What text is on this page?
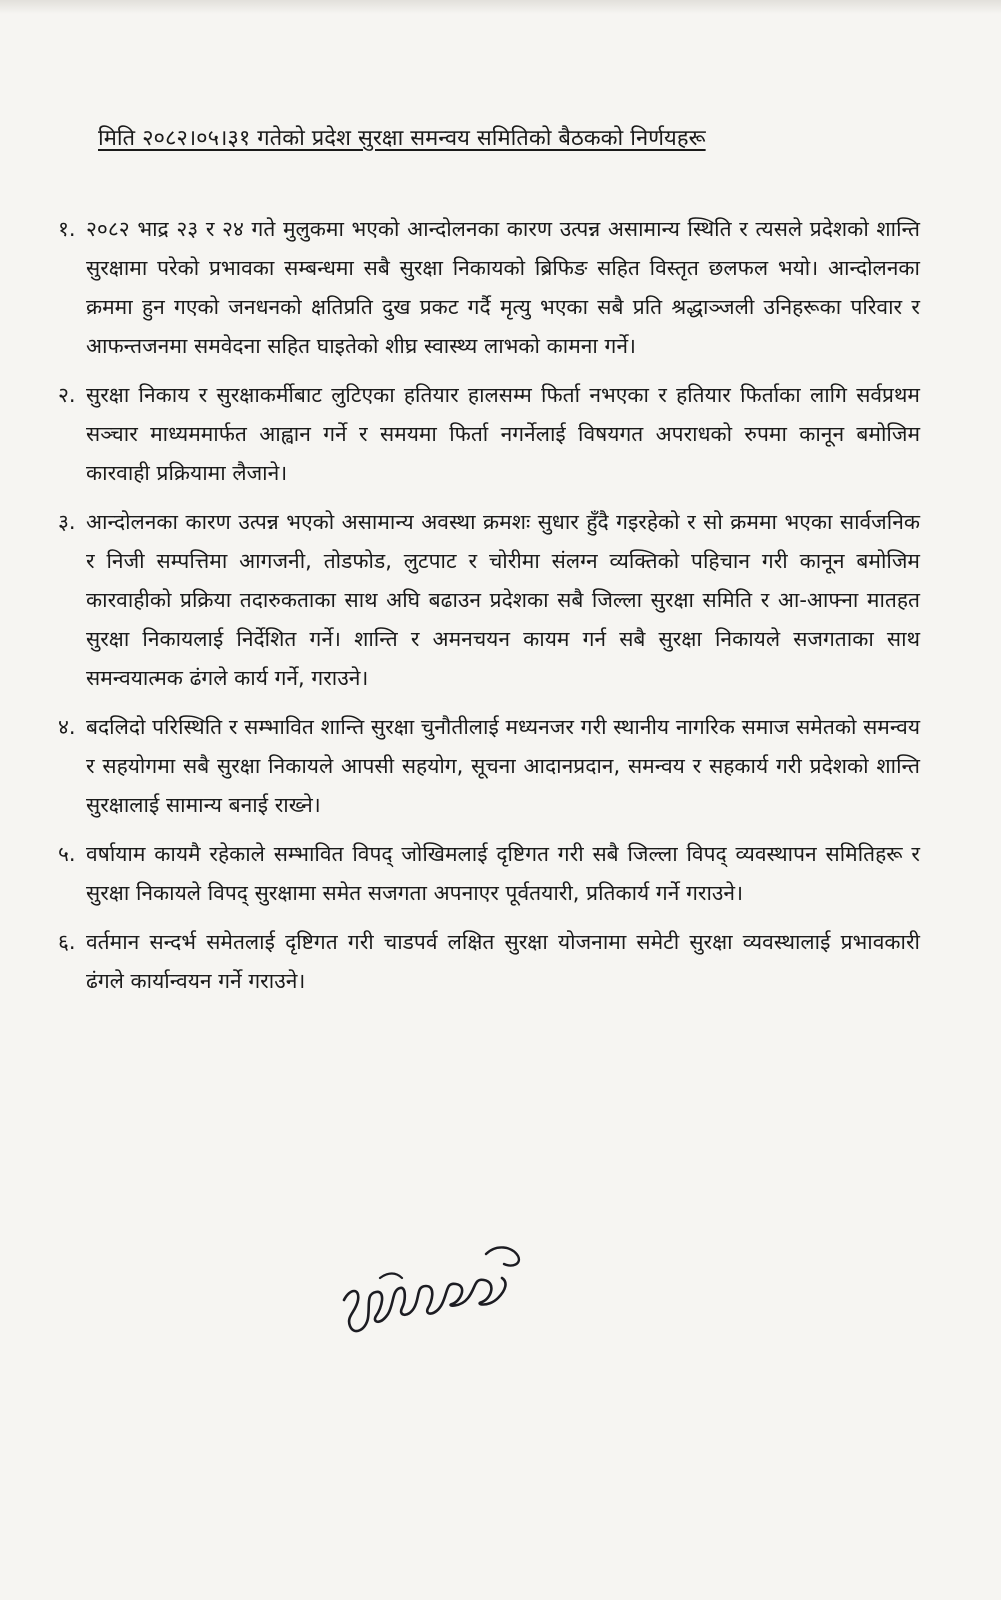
मिति २०८२।०५।३१ गतेको प्रदेश सुरक्षा समन्वय समितिको बैठकको निर्णयहरू
१. २०८२ भाद्र २३ र २४ गते मुलुकमा भएको आन्दोलनका कारण उत्पन्न असामान्य स्थिति र त्यसले प्रदेशको शान्ति सुरक्षामा परेको प्रभावका सम्बन्धमा सबै सुरक्षा निकायको ब्रिफिङ सहित विस्तृत छलफल भयो। आन्दोलनका क्रममा हुन गएको जनधनको क्षतिप्रति दुख प्रकट गर्दै मृत्यु भएका सबै प्रति श्रद्धाञ्जली उनिहरूका परिवार र आफन्तजनमा समवेदना सहित घाइतेको शीघ्र स्वास्थ्य लाभको कामना गर्ने।
२. सुरक्षा निकाय र सुरक्षाकर्मीबाट लुटिएका हतियार हालसम्म फिर्ता नभएका र हतियार फिर्ताका लागि सर्वप्रथम सञ्चार माध्यममार्फत आह्वान गर्ने र समयमा फिर्ता नगर्नेलाई विषयगत अपराधको रुपमा कानून बमोजिम कारवाही प्रक्रियामा लैजाने।
३. आन्दोलनका कारण उत्पन्न भएको असामान्य अवस्था क्रमशः सुधार हुँदै गइरहेको र सो क्रममा भएका सार्वजनिक र निजी सम्पत्तिमा आगजनी, तोडफोड, लुटपाट र चोरीमा संलग्न व्यक्तिको पहिचान गरी कानून बमोजिम कारवाहीको प्रक्रिया तदारुकताका साथ अघि बढाउन प्रदेशका सबै जिल्ला सुरक्षा समिति र आ-आफ्ना मातहत सुरक्षा निकायलाई निर्देशित गर्ने। शान्ति र अमनचयन कायम गर्न सबै सुरक्षा निकायले सजगताका साथ समन्वयात्मक ढंगले कार्य गर्ने, गराउने।
४. बदलिदो परिस्थिति र सम्भावित शान्ति सुरक्षा चुनौतीलाई मध्यनजर गरी स्थानीय नागरिक समाज समेतको समन्वय र सहयोगमा सबै सुरक्षा निकायले आपसी सहयोग, सूचना आदानप्रदान, समन्वय र सहकार्य गरी प्रदेशको शान्ति सुरक्षालाई सामान्य बनाई राख्ने।
५. वर्षायाम कायमै रहेकाले सम्भावित विपद् जोखिमलाई दृष्टिगत गरी सबै जिल्ला विपद् व्यवस्थापन समितिहरू र सुरक्षा निकायले विपद् सुरक्षामा समेत सजगता अपनाएर पूर्वतयारी, प्रतिकार्य गर्ने गराउने।
६. वर्तमान सन्दर्भ समेतलाई दृष्टिगत गरी चाडपर्व लक्षित सुरक्षा योजनामा समेटी सुरक्षा व्यवस्थालाई प्रभावकारी ढंगले कार्यान्वयन गर्ने गराउने।
